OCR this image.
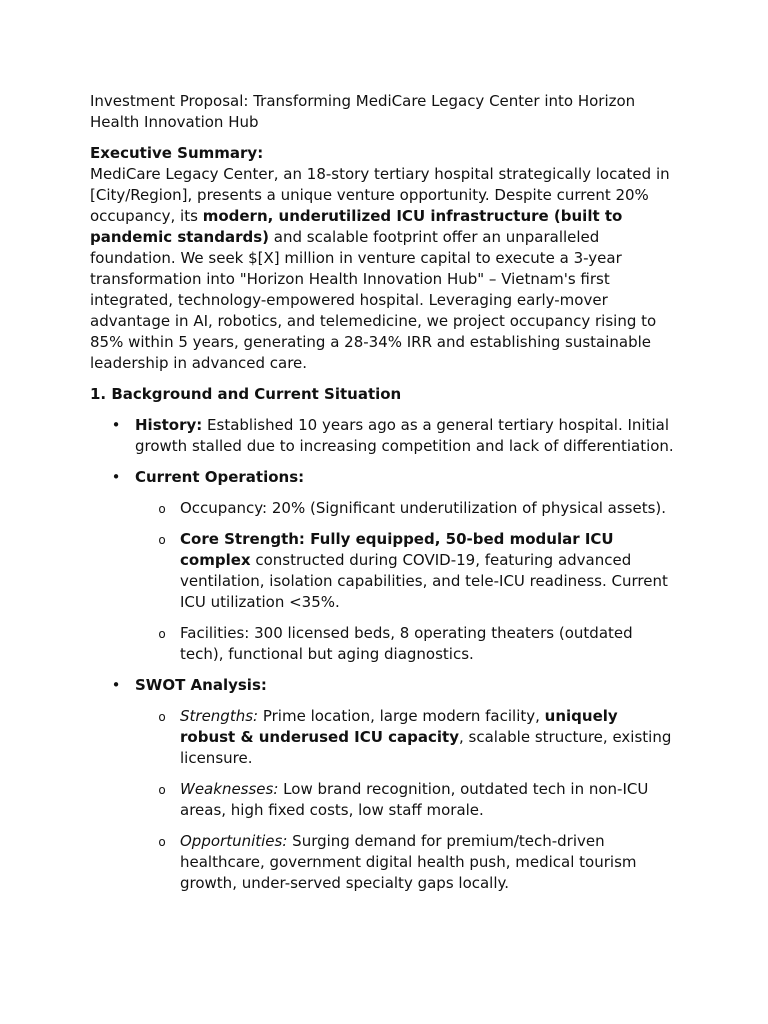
Investment Proposal: Transforming MediCare Legacy Center into Horizon Health Innovation Hub

Executive Summary:

MediCare Legacy Center, an 18-story tertiary hospital strategically located in [City/Region], presents a unique venture opportunity. Despite current 20% occupancy, its modern, underutilized ICU infrastructure (built to pandemic standards) and scalable footprint offer an unparalleled foundation. We seek $[X] million in venture capital to execute a 3-year transformation into "Horizon Health Innovation Hub" – Vietnam's first integrated, technology-empowered hospital. Leveraging early-mover advantage in AI, robotics, and telemedicine, we project occupancy rising to 85% within 5 years, generating a 28-34% IRR and establishing sustainable leadership in advanced care.

1. Background and Current Situation

• History: Established 10 years ago as a general tertiary hospital. Initial growth stalled due to increasing competition and lack of differentiation.
• Current Operations:
o Occupancy: 20% (Significant underutilization of physical assets).
o Core Strength: Fully equipped, 50-bed modular ICU complex constructed during COVID-19, featuring advanced ventilation, isolation capabilities, and tele-ICU readiness. Current ICU utilization <35%.
o Facilities: 300 licensed beds, 8 operating theaters (outdated tech), functional but aging diagnostics.
• SWOT Analysis:
o Strengths: Prime location, large modern facility, uniquely robust & underused ICU capacity, scalable structure, existing licensure.
o Weaknesses: Low brand recognition, outdated tech in non-ICU areas, high fixed costs, low staff morale.
o Opportunities: Surging demand for premium/tech-driven healthcare, government digital health push, medical tourism growth, under-served specialty gaps locally.
